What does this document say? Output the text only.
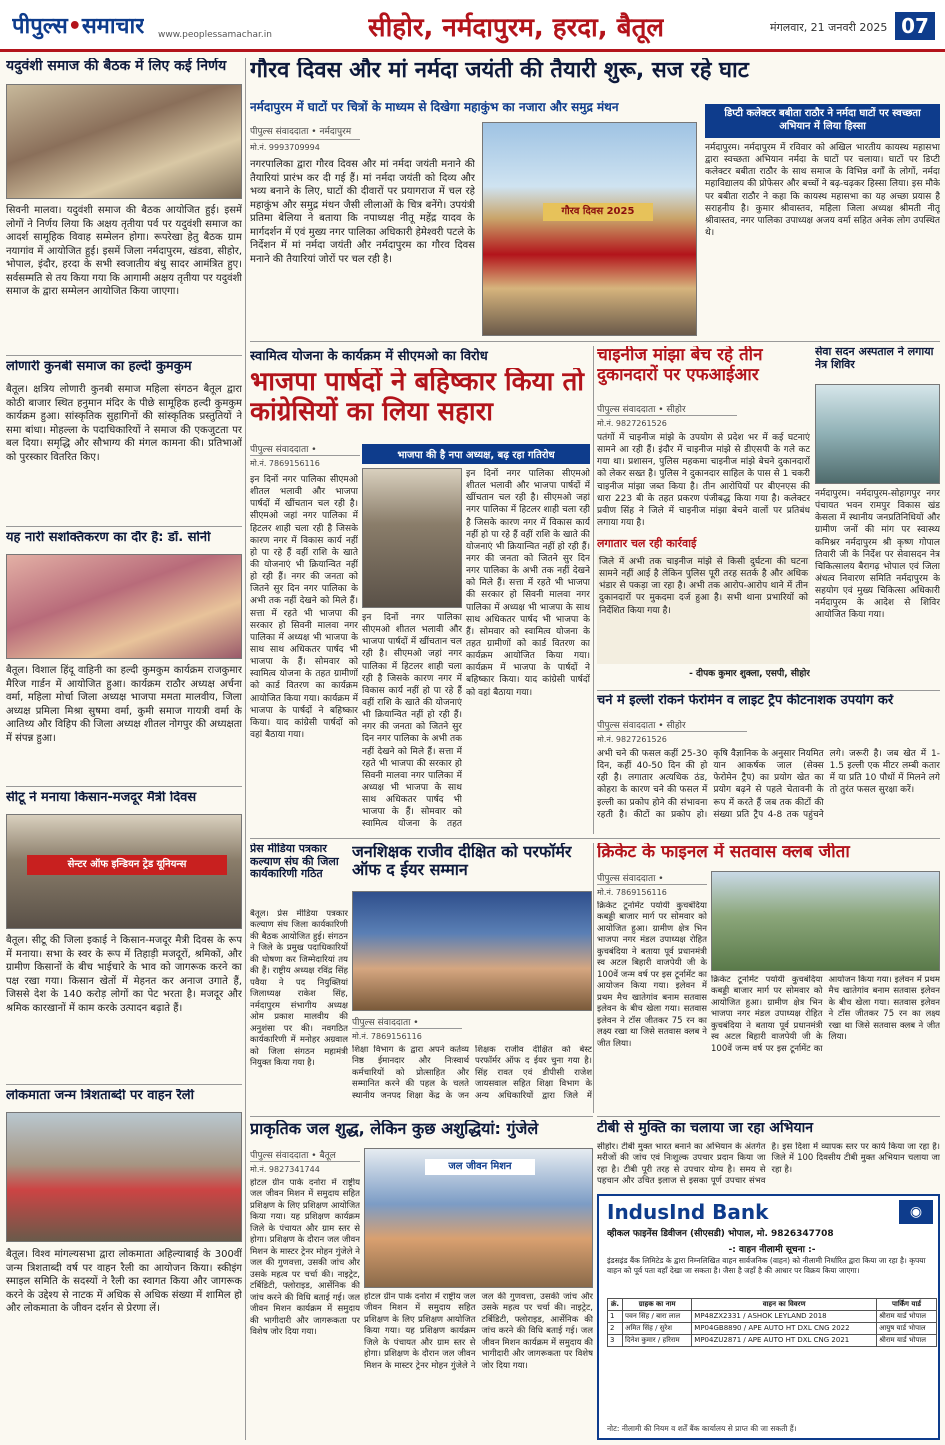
पीपुल्स•समाचार www.peoplessamachar.in	सीहोर, नर्मदापुरम, हरदा, बैतूल	मंगलवार, 21 जनवरी 2025 07
यदुवंशी समाज की बैठक में लिए कई निर्णय
सिवनी मालवा। यदुवंशी समाज की बैठक आयोजित हुई। इसमें लोगों ने निर्णय लिया कि अक्षय तृतीया पर्व पर यदुवंशी समाज का आदर्श सामूहिक विवाह सम्मेलन होगा। रूपरेखा हेतु बैठक ग्राम नयागांव में आयोजित हुई। इसमें जिला नर्मदापुरम, खंडवा, सीहोर, भोपाल, इंदौर, हरदा के सभी स्वजातीय बंधु सादर आमंत्रित हुए। सर्वसम्मति से तय किया गया कि आगामी अक्षय तृतीया पर यदुवंशी समाज के द्वारा सम्मेलन आयोजित किया जाएगा।
लोणारी कुनबी समाज का हल्दी कुमकुम
बैतूल। क्षत्रिय लोणारी कुनबी समाज महिला संगठन बैतूल द्वारा कोठी बाजार स्थित हनुमान मंदिर के पीछे सामूहिक हल्दी कुमकुम कार्यक्रम हुआ। सांस्कृतिक सुहागिनों की सांस्कृतिक प्रस्तुतियों ने समा बांधा। मोहल्ला के पदाधिकारियों ने समाज की एकजुटता पर बल दिया। समृद्धि और सौभाग्य की मंगल कामना की। प्रतिभाओं को पुरस्कार वितरित किए।
यह नारी सशक्तिकरण का दौर है: डॉ. सोनी
बैतूल। विशाल हिंदू वाहिनी का हल्दी कुमकुम कार्यक्रम राजकुमार मैरिज गार्डन में आयोजित हुआ। कार्यक्रम राठौर अध्यक्ष अर्चना वर्मा, महिला मोर्चा जिला अध्यक्ष भाजपा ममता मालवीय, जिला अध्यक्ष प्रमिला मिश्रा सुषमा वर्मा, कुमी समाज गायत्री वर्मा के आतिथ्य और विहिप की जिला अध्यक्ष शीतल नोगपुर की अध्यक्षता में संपन्न हुआ।
सीटू ने मनाया किसान-मजदूर मैत्री दिवस
सेन्टर ऑफ इन्डियन ट्रेड यूनियन्स
बैतूल। सीटू की जिला इकाई ने किसान-मजदूर मैत्री दिवस के रूप में मनाया। सभा के स्वर के रूप में तिहाड़ी मजदूरों, श्रमिकों, और ग्रामीण किसानों के बीच भाईचारे के भाव को जागरूक करने का पक्ष रखा गया। किसान खेतों में मेहनत कर अनाज उगाते हैं, जिससे देश के 140 करोड़ लोगों का पेट भरता है। मजदूर और श्रमिक कारखानों में काम करके उत्पादन बढ़ाते हैं।
लोकमाता जन्म त्रिशताब्दी पर वाहन रैली
बैतूल। विश्व मांगल्यसभा द्वारा लोकमाता अहिल्याबाई के 300वीं जन्म त्रिशताब्दी वर्ष पर वाहन रैली का आयोजन किया। स्कीइंग स्माइल समिति के सदस्यों ने रैली का स्वागत किया और जागरूक करने के उद्देश्य से नाटक में अधिक से अधिक संख्या में शामिल हो और लोकमाता के जीवन दर्शन से प्रेरणा लें।
गौरव दिवस और मां नर्मदा जयंती की तैयारी शुरू, सज रहे घाट
नर्मदापुरम में घाटों पर चित्रों के माध्यम से दिखेगा महाकुंभ का नजारा और समुद्र मंथन
पीपुल्स संवाददाता • नर्मदापुरम
मो.नं. 9993709994
नगरपालिका द्वारा गौरव दिवस और मां नर्मदा जयंती मनाने की तैयारियां प्रारंभ कर दी गई हैं। मां नर्मदा जयंती को दिव्य और भव्य बनाने के लिए, घाटों की दीवारों पर प्रयागराज में चल रहे महाकुंभ और समुद्र मंथन जैसी लीलाओं के चित्र बनेंगे। उपयंत्री प्रतिमा बेलिया ने बताया कि नपाध्यक्ष नीतू महेंद्र यादव के मार्गदर्शन में एवं मुख्य नगर पालिका अधिकारी हेमेश्वरी पटले के निर्देशन में मां नर्मदा जयंती और नर्मदापुरम का गौरव दिवस मनाने की तैयारियां जोरों पर चल रही है।
गौरव दिवस 2025
डिप्टी कलेक्टर बबीता राठौर ने नर्मदा घाटों पर स्वच्छता अभियान में लिया हिस्सा
नर्मदापुरम। नर्मदापुरम में रविवार को अखिल भारतीय कायस्थ महासभा द्वारा स्वच्छता अभियान नर्मदा के घाटों पर चलाया। घाटों पर डिप्टी कलेक्टर बबीता राठौर के साथ समाज के विभिन्न वर्गों के लोगों, नर्मदा महाविद्यालय की प्रोफेसर और बच्चों ने बढ़-चढ़कर हिस्सा लिया। इस मौके पर बबीता राठौर ने कहा कि कायस्थ महासभा का यह अच्छा प्रयास है सराहनीय है। कुमार श्रीवास्तव, महिला जिला अध्यक्ष श्रीमती नीतू श्रीवास्तव, नगर पालिका उपाध्यक्ष अजय वर्मा सहित अनेक लोग उपस्थित थे।
स्वामित्व योजना के कार्यक्रम में सीएमओ का विरोध
भाजपा पार्षदों ने बहिष्कार किया तो कांग्रेसियों का लिया सहारा
पीपुल्स संवाददाता •
मो.नं. 7869156116
भाजपा की है नपा अध्यक्ष, बढ़ रहा गतिरोध
इन दिनों नगर पालिका सीएमओ शीतल भलावी और भाजपा पार्षदों में खींचतान चल रही है। सीएमओ जहां नगर पालिका में हिटलर शाही चला रही है जिसके कारण नगर में विकास कार्य नहीं हो पा रहे हैं वहीं राशि के खाते की योजनाएं भी क्रियान्वित नहीं हो रही हैं। नगर की जनता को जितने सुर दिन नगर पालिका के अभी तक नहीं देखने को मिले हैं। सत्ता में रहते भी भाजपा की सरकार हो सिवनी मालवा नगर पालिका में अध्यक्ष भी भाजपा के साथ साथ अधिकतर पार्षद भी भाजपा के हैं। सोमवार को स्वामित्व योजना के तहत ग्रामीणों को कार्ड वितरण का कार्यक्रम आयोजित किया गया। कार्यक्रम में भाजपा के पार्षदों ने बहिष्कार किया। याद कांग्रेसी पार्षदों को वहां बैठाया गया।
इन दिनों नगर पालिका सीएमओ शीतल भलावी और भाजपा पार्षदों में खींचतान चल रही है। सीएमओ जहां नगर पालिका में हिटलर शाही चला रही है जिसके कारण नगर में विकास कार्य नहीं हो पा रहे हैं वहीं राशि के खाते की योजनाएं भी क्रियान्वित नहीं हो रही हैं। नगर की जनता को जितने सुर दिन नगर पालिका के अभी तक नहीं देखने को मिले हैं। सत्ता में रहते भी भाजपा की सरकार हो सिवनी मालवा नगर पालिका में अध्यक्ष भी भाजपा के साथ साथ अधिकतर पार्षद भी भाजपा के हैं। सोमवार को स्वामित्व योजना के तहत ग्रामीणों को कार्ड वितरण का कार्यक्रम आयोजित किया गया। कार्यक्रम में भाजपा के पार्षदों ने बहिष्कार किया। याद कांग्रेसी पार्षदों को वहां बैठाया गया।
इन दिनों नगर पालिका सीएमओ शीतल भलावी और भाजपा पार्षदों में खींचतान चल रही है। सीएमओ जहां नगर पालिका में हिटलर शाही चला रही है जिसके कारण नगर में विकास कार्य नहीं हो पा रहे हैं वहीं राशि के खाते की योजनाएं भी क्रियान्वित नहीं हो रही हैं। नगर की जनता को जितने सुर दिन नगर पालिका के अभी तक नहीं देखने को मिले हैं। सत्ता में रहते भी भाजपा की सरकार हो सिवनी मालवा नगर पालिका में अध्यक्ष भी भाजपा के साथ साथ अधिकतर पार्षद भी भाजपा के हैं। सोमवार को स्वामित्व योजना के तहत
चाइनीज मांझा बेच रहे तीन दुकानदारों पर एफआईआर
पीपुल्स संवाददाता • सीहोर
मो.नं. 9827261526
पतंगों में चाइनीज मांझे के उपयोग से प्रदेश भर में कई घटनाएं सामने आ रही हैं। इंदौर में चाइनीज मांझे से डीएसपी के गले कट गया था। प्रशासन, पुलिस महकमा चाइनीज मांझे बेचने दुकानदारों को लेकर सख्त है। पुलिस ने दुकानदार साहिल के पास से 1 चकरी चाइनीज मांझा जब्त किया है। तीन आरोपियों पर बीएनएस की धारा 223 बी के तहत प्रकरण पंजीबद्ध किया गया है। कलेक्टर प्रवीण सिंह ने जिले में चाइनीज मांझा बेचने वालों पर प्रतिबंध लगाया गया है।
लगातार चल रही कार्रवाई
जिले में अभी तक चाइनीज मांझे से किसी दुर्घटना की घटना सामने नहीं आई है लेकिन पुलिस पूरी तरह सतर्क है और अधिक भंडार से पकड़ा जा रहा है। अभी तक आरोप-आरोप थाने में तीन दुकानदारों पर मुकदमा दर्ज हुआ है। सभी थाना प्रभारियों को निर्देशित किया गया है।
- दीपक कुमार शुक्ला, एसपी, सीहोर
सेवा सदन अस्पताल ने लगाया नेत्र शिविर
नर्मदापुरम। नर्मदापुरम-सोहागपुर नगर पंचायत भवन रामपुर विकास खंड केसला में स्थानीय जनप्रतिनिधियों और ग्रामीण जनों की मांग पर स्वास्थ्य कमिश्नर नर्मदापुरम श्री कृष्ण गोपाल तिवारी जी के निर्देश पर सेवासदन नेत्र चिकित्सालय बैरागढ़ भोपाल एवं जिला अंधत्व निवारण समिति नर्मदापुरम के सहयोग एवं मुख्य चिकित्सा अधिकारी नर्मदापुरम के आदेश से शिविर आयोजित किया गया।
चने में इल्ली रोकने फेरोमेन व लाइट ट्रैप कीटनाशक उपयोग करें
पीपुल्स संवाददाता • सीहोर
मो.नं. 9827261526
अभी चने की फसल कहीं 25-30 दिन, कहीं 40-50 दिन की हो रही है। लगातार अत्यधिक ठंड, कोहरा के कारण चने की फसल में इल्ली का प्रकोप होने की संभावना रहती है। कीटों का प्रकोप हो। कृषि वैज्ञानिक के अनुसार नियमित यान आकर्षक जाल (सेक्स फेरोमेन ट्रैप) का प्रयोग खेत का प्रयोग बढ़ने से पहले चेतावनी के रूप में करते हैं जब तक कीटों की संख्या प्रति ट्रैप 4-8 तक पहुंचने लगे। जरूरी है। जब खेत में 1-1.5 इल्ली एक मीटर लम्बी कतार में या प्रति 10 पौधों में मिलने लगे तो तुरंत फसल सुरक्षा करें।
प्रेस मीडिया पत्रकार कल्याण संघ की जिला कार्यकारिणी गठित
बैतूल। प्रेस मीडिया पत्रकार कल्याण संघ जिला कार्यकारिणी की बैठक आयोजित हुई। संगठन ने जिले के प्रमुख पदाधिकारियों की घोषणा कर जिम्मेदारियां तय की हैं। राष्ट्रीय अध्यक्ष रविंद्र सिंह पवैया ने पद नियुक्तियां जिलाध्यक्ष राकेश सिंह, नर्मदापुरम संभागीय अध्यक्ष ओम प्रकाश मालवीय की अनुशंसा पर की। नवगठित कार्यकारिणी में मनोहर अग्रवाल को जिला संगठन महामंत्री नियुक्त किया गया है।
जनशिक्षक राजीव दीक्षित को परफॉर्मर ऑफ द ईयर सम्मान
पीपुल्स संवाददाता •
मो.नं. 7869156116
शिक्षा विभाग के द्वारा अपने कर्तव्य निष्ठ ईमानदार और निःस्वार्थ कर्मचारियों को प्रोत्साहित और सम्मानित करने की पहल के चलते स्थानीय जनपद शिक्षा केंद्र के जन शिक्षक राजीव दीक्षित को बेस्ट परफॉर्मर ऑफ द ईयर चुना गया है। सिंह रावत एवं डीपीसी राजेश जायसवाल सहित शिक्षा विभाग के अन्य अधिकारियों द्वारा जिले में
क्रिकेट के फाइनल में सतवास क्लब जीता
पीपुल्स संवाददाता •
मो.नं. 7869156116
क्रिकेट टूर्नामेंट पर्यायी कुचबंदिया कबड्डी बाजार मार्ग पर सोमवार को आयोजित हुआ। ग्रामीण क्षेत्र भिन भाजपा नगर मंडल उपाध्यक्ष रोहित कुचबंदिया ने बताया पूर्व प्रधानमंत्री स्व अटल बिहारी वाजपेयी जी के 100वें जन्म वर्ष पर इस टूर्नामेंट का आयोजन किया गया। इलेवन में प्रथम मैच खातेगांव बनाम सतवास इलेवन के बीच खेला गया। सतवास इलेवन ने टॉस जीतकर 75 रन का लक्ष्य रखा था जिसे सतवास क्लब ने जीत लिया।
क्रिकेट टूर्नामेंट पर्यायी कुचबंदिया कबड्डी बाजार मार्ग पर सोमवार को आयोजित हुआ। ग्रामीण क्षेत्र भिन भाजपा नगर मंडल उपाध्यक्ष रोहित कुचबंदिया ने बताया पूर्व प्रधानमंत्री स्व अटल बिहारी वाजपेयी जी के 100वें जन्म वर्ष पर इस टूर्नामेंट का आयोजन किया गया। इलेवन में प्रथम मैच खातेगांव बनाम सतवास इलेवन के बीच खेला गया। सतवास इलेवन ने टॉस जीतकर 75 रन का लक्ष्य रखा था जिसे सतवास क्लब ने जीत लिया।
टीबी से मुक्ति का चलाया जा रहा अभियान
सीहोर। टीबी मुक्त भारत बनाने का अभियान के अंतर्गत मरीजों की जांच एवं निःशुल्क उपचार प्रदान किया जा रहा है। टीबी पूरी तरह से उपचार योग्य है। समय से पहचान और उचित इलाज से इसका पूर्ण उपचार संभव है। इस दिशा में व्यापक स्तर पर कार्य किया जा रहा है। जिले में 100 दिवसीय टीबी मुक्त अभियान चलाया जा रहा है।
प्राकृतिक जल शुद्ध, लेकिन कुछ अशुद्धियां: गुंजेले
पीपुल्स संवाददाता • बैतूल
मो.नं. 9827341744	जल जीवन मिशन
होटल ग्रीन पार्क दनोरा में राष्ट्रीय जल जीवन मिशन में समुदाय सहित प्रशिक्षण के लिए प्रशिक्षण आयोजित किया गया। यह प्रशिक्षण कार्यक्रम जिले के पंचायत और ग्राम स्तर से होगा। प्रशिक्षण के दौरान जल जीवन मिशन के मास्टर ट्रेनर मोहन गुंजेले ने जल की गुणवत्ता, उसकी जांच और उसके महत्व पर चर्चा की। नाइट्रेट, टर्बिडिटी, फ्लोराइड, आर्सेनिक की जांच करने की विधि बताई गई। जल जीवन मिशन कार्यक्रम में समुदाय की भागीदारी और जागरूकता पर विशेष जोर दिया गया।
होटल ग्रीन पार्क दनोरा में राष्ट्रीय जल जीवन मिशन में समुदाय सहित प्रशिक्षण के लिए प्रशिक्षण आयोजित किया गया। यह प्रशिक्षण कार्यक्रम जिले के पंचायत और ग्राम स्तर से होगा। प्रशिक्षण के दौरान जल जीवन मिशन के मास्टर ट्रेनर मोहन गुंजेले ने जल की गुणवत्ता, उसकी जांच और उसके महत्व पर चर्चा की। नाइट्रेट, टर्बिडिटी, फ्लोराइड, आर्सेनिक की जांच करने की विधि बताई गई। जल जीवन मिशन कार्यक्रम में समुदाय की भागीदारी और जागरूकता पर विशेष जोर दिया गया।
IndusInd Bank	◉
व्हीकल फाइनेंस डिवीजन (सीएसडी) भोपाल, मो. 9826347708
-: वाहन नीलामी सूचना :-
इंडसइंड बैंक लिमिटेड के द्वारा निम्नलिखित वाहन सार्वजनिक (वाहन) को नीलामी निर्धारित द्वारा किया जा रहा है। कृपया वाहन को पूर्व पता वहाँ देखा जा सकता है। जैसा है जहाँ है की आधार पर विक्रय किया जाएगा।
क्रं.	ग्राहक का नाम	वाहन का विवरण	पार्किंग यार्ड
1	पवन सिंह / बारा लाल	MP48ZX2331 / ASHOK LEYLAND 2018	श्रीराम यार्ड भोपाल
2	अमित सिंह / सुरेश	MP04GB8890 / APE AUTO HT DXL CNG 2022	आयुष यार्ड भोपाल
3	दिनेश कुमार / हरिराम	MP04ZU2871 / APE AUTO HT DXL CNG 2021	श्रीराम यार्ड भोपाल
नोट: नीलामी की नियम व शर्तें बैंक कार्यालय से प्राप्त की जा सकती हैं।
